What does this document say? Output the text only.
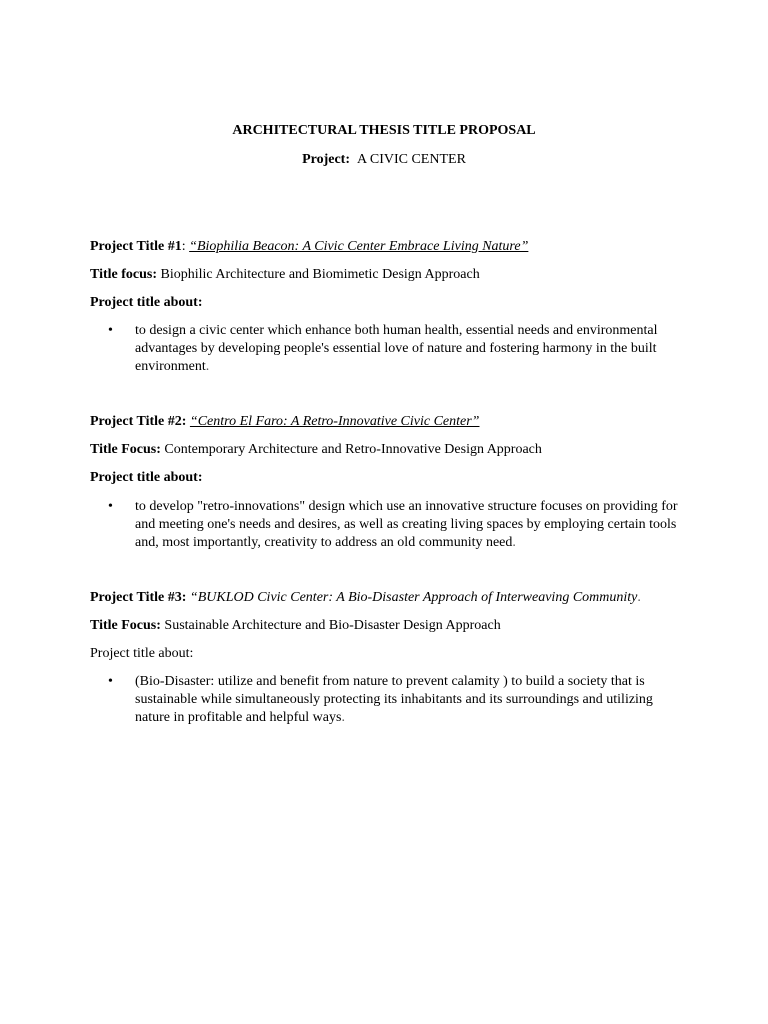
ARCHITECTURAL THESIS TITLE PROPOSAL
Project: A CIVIC CENTER
Project Title #1: “Biophilia Beacon: A Civic Center Embrace Living Nature”
Title focus: Biophilic Architecture and Biomimetic Design Approach
Project title about:
• to design a civic center which enhance both human health, essential needs and environmental advantages by developing people's essential love of nature and fostering harmony in the built environment.
Project Title #2: “Centro El Faro: A Retro-Innovative Civic Center”
Title Focus: Contemporary Architecture and Retro-Innovative Design Approach
Project title about:
• to develop "retro-innovations" design which use an innovative structure focuses on providing for and meeting one's needs and desires, as well as creating living spaces by employing certain tools and, most importantly, creativity to address an old community need.
Project Title #3: “BUKLOD Civic Center: A Bio-Disaster Approach of Interweaving Community.
Title Focus: Sustainable Architecture and Bio-Disaster Design Approach
Project title about:
• (Bio-Disaster: utilize and benefit from nature to prevent calamity ) to build a society that is sustainable while simultaneously protecting its inhabitants and its surroundings and utilizing nature in profitable and helpful ways.
